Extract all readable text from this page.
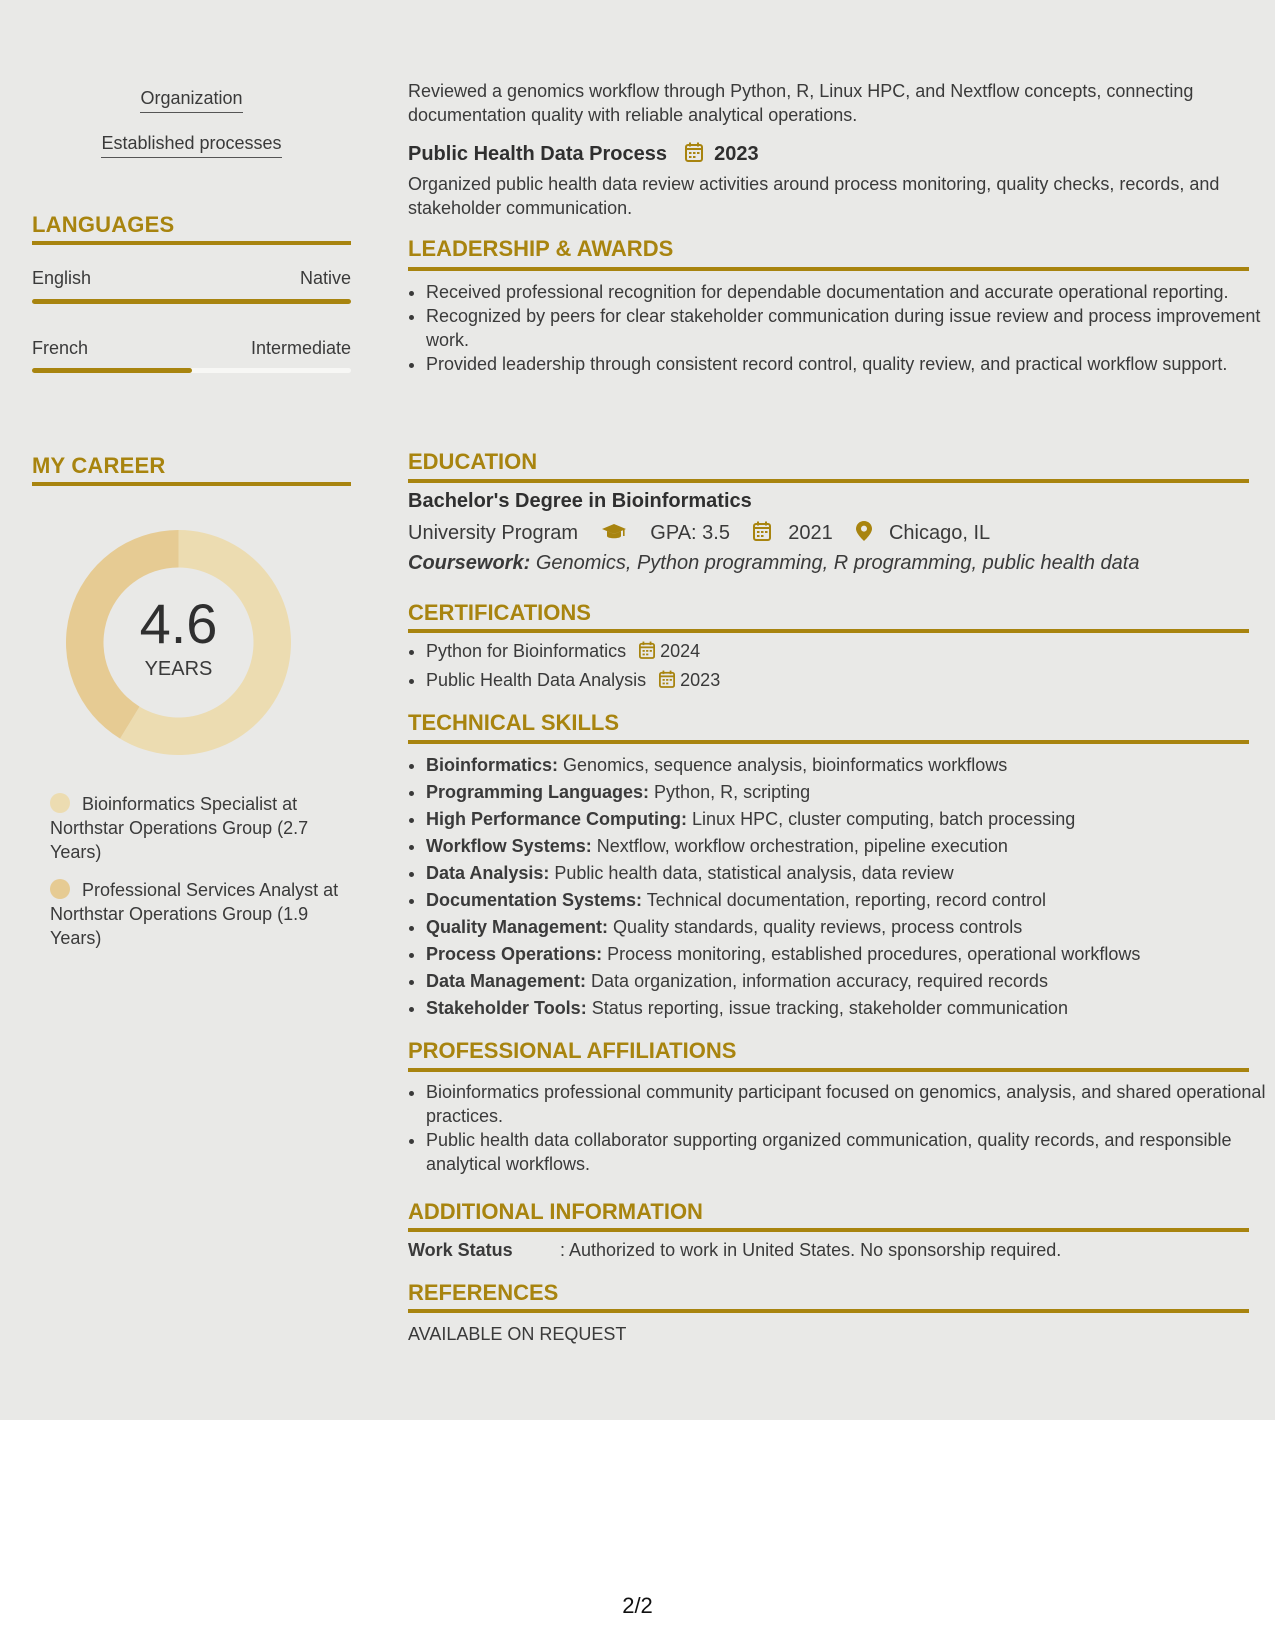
Organization
Established processes
LANGUAGES
English	Native
French	Intermediate
MY CAREER
4.6
YEARS
Bioinformatics Specialist at Northstar Operations Group (2.7 Years)
Professional Services Analyst at Northstar Operations Group (1.9 Years)
Reviewed a genomics workflow through Python, R, Linux HPC, and Nextflow concepts, connecting documentation quality with reliable analytical operations.
Public Health Data Process 2023
Organized public health data review activities around process monitoring, quality checks, records, and stakeholder communication.
LEADERSHIP & AWARDS
• Received professional recognition for dependable documentation and accurate operational reporting.
• Recognized by peers for clear stakeholder communication during issue review and process improvement work.
• Provided leadership through consistent record control, quality review, and practical workflow support.
EDUCATION
Bachelor's Degree in Bioinformatics
University Program	GPA: 3.5	2021	Chicago, IL
Coursework: Genomics, Python programming, R programming, public health data
CERTIFICATIONS
• Python for Bioinformatics 2024
• Public Health Data Analysis 2023
TECHNICAL SKILLS
• Bioinformatics: Genomics, sequence analysis, bioinformatics workflows
• Programming Languages: Python, R, scripting
• High Performance Computing: Linux HPC, cluster computing, batch processing
• Workflow Systems: Nextflow, workflow orchestration, pipeline execution
• Data Analysis: Public health data, statistical analysis, data review
• Documentation Systems: Technical documentation, reporting, record control
• Quality Management: Quality standards, quality reviews, process controls
• Process Operations: Process monitoring, established procedures, operational workflows
• Data Management: Data organization, information accuracy, required records
• Stakeholder Tools: Status reporting, issue tracking, stakeholder communication
PROFESSIONAL AFFILIATIONS
• Bioinformatics professional community participant focused on genomics, analysis, and shared operational practices.
• Public health data collaborator supporting organized communication, quality records, and responsible analytical workflows.
ADDITIONAL INFORMATION
Work Status	: Authorized to work in United States. No sponsorship required.
REFERENCES
AVAILABLE ON REQUEST
2/2
